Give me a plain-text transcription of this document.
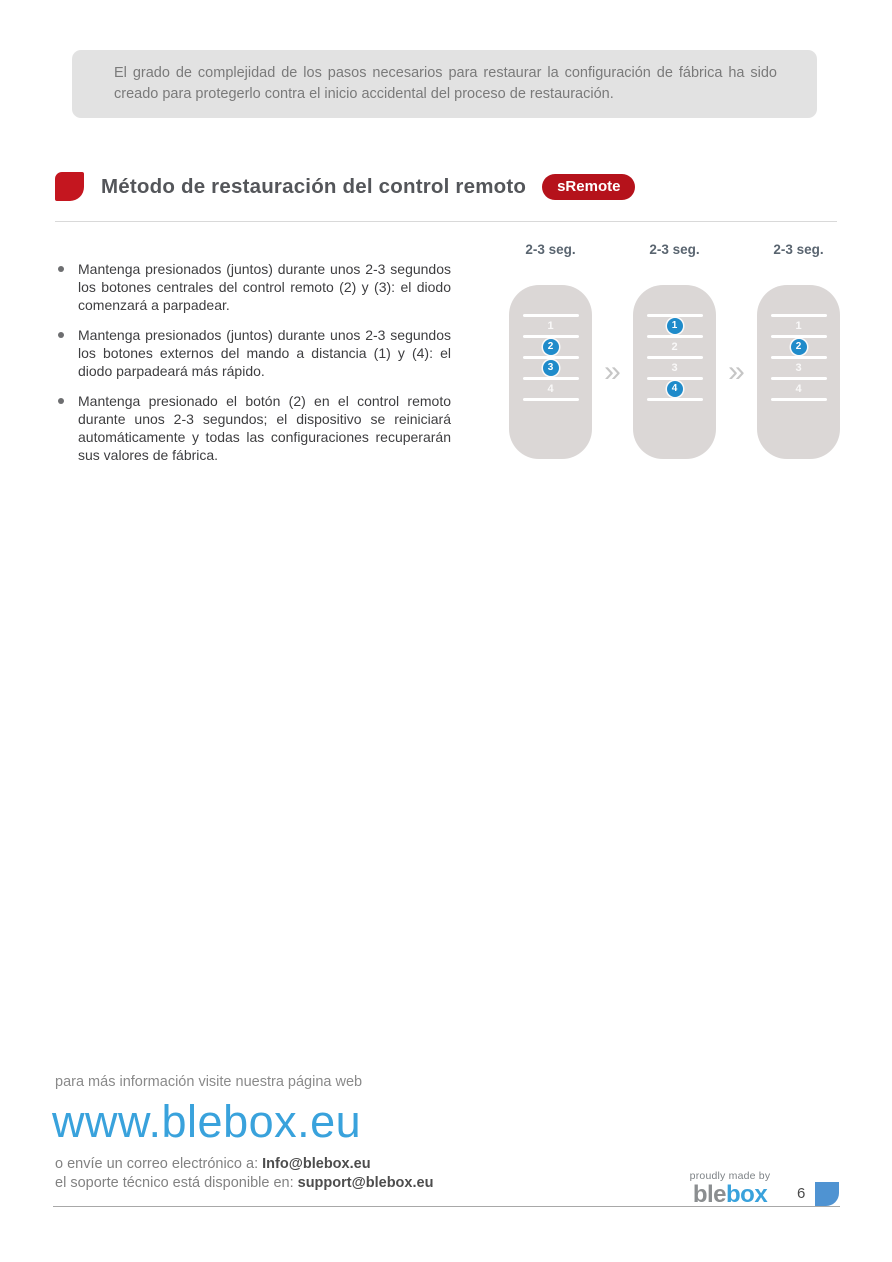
El grado de complejidad de los pasos necesarios para restaurar la configuración de fábrica ha sido creado para protegerlo contra el inicio accidental del proceso de restauración.

Método de restauración del control remoto	sRemote
Mantenga presionados (juntos) durante unos 2-3 segundos los botones centrales del control remoto (2) y (3): el diodo comenzará a parpadear.
Mantenga presionados (juntos) durante unos 2-3 segundos los botones externos del mando a distancia (1) y (4): el diodo parpadeará más rápido.
Mantenga presionado el botón (2) en el control remoto durante unos 2-3 segundos; el dispositivo se reiniciará automáticamente y todas las configuraciones recuperarán sus valores de fábrica.
2-3 seg.
1
2
3
4
»
2-3 seg.
1
2
3
4
»
2-3 seg.
1
2
3
4
para más información visite nuestra página web
www.blebox.eu
o envíe un correo electrónico a: Info@blebox.eu
el soporte técnico está disponible en: support@blebox.eu	proudly made by
blebox	6
